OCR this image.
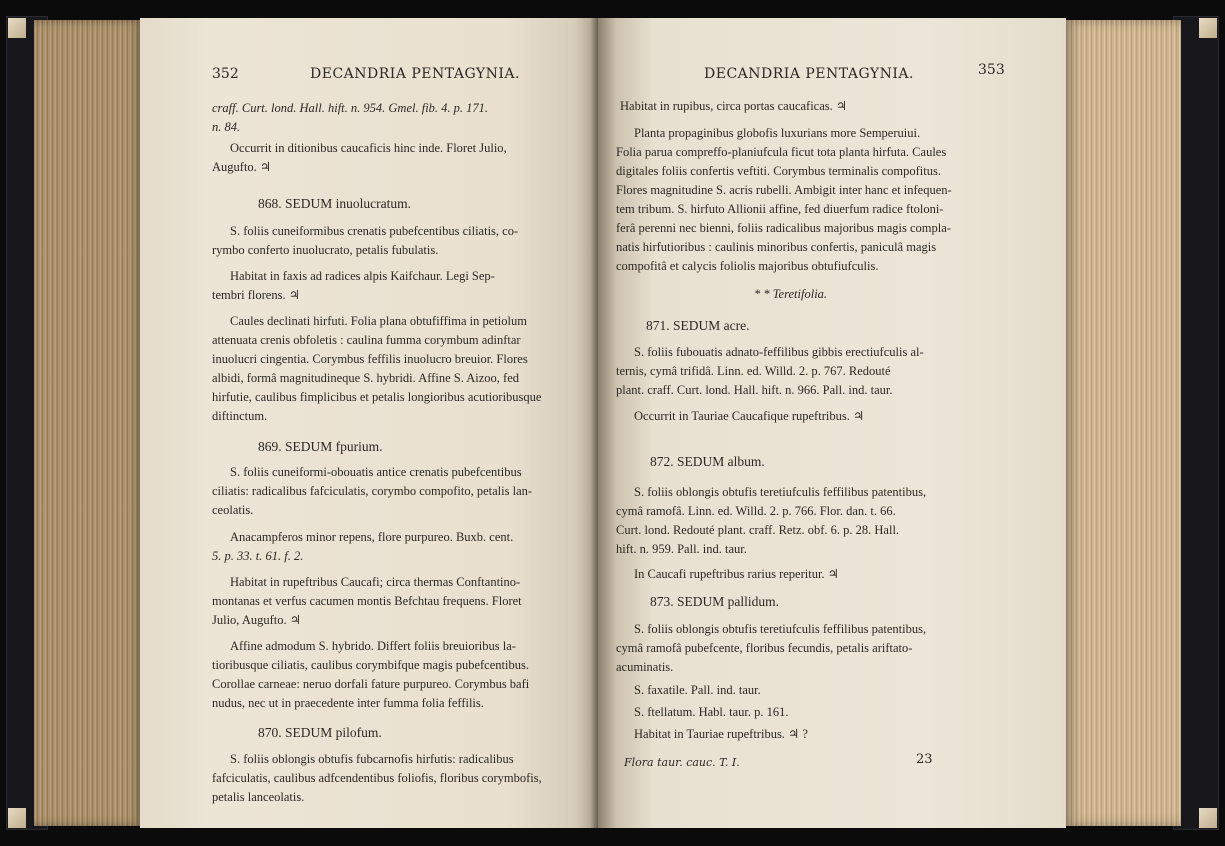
352	DECANDRIA PENTAGYNIA.
craff. Curt. lond. Hall. hift. n. 954. Gmel. fib. 4. p. 171.
n. 84.
Occurrit in ditionibus caucaficis hinc inde. Floret Julio,
Augufto. ♃
868. SEDUM inuolucratum.
S. foliis cuneiformibus crenatis pubefcentibus ciliatis, co-
rymbo conferto inuolucrato, petalis fubulatis.
Habitat in faxis ad radices alpis Kaifchaur. Legi Sep-
tembri florens. ♃
Caules declinati hirfuti. Folia plana obtufiffima in petiolum
attenuata crenis obfoletis : caulina fumma corymbum adinftar
inuolucri cingentia. Corymbus feffilis inuolucro breuior. Flores
albidi, formâ magnitudineque S. hybridi. Affine S. Aizoo, fed
hirfutie, caulibus fimplicibus et petalis longioribus acutioribusque
diftinctum.
869. SEDUM fpurium.
S. foliis cuneiformi-obouatis antice crenatis pubefcentibus
ciliatis: radicalibus fafciculatis, corymbo compofito, petalis lan-
ceolatis.
Anacampferos minor repens, flore purpureo. Buxb. cent.
5. p. 33. t. 61. f. 2.
Habitat in rupeftribus Caucafi; circa thermas Conftantino-
montanas et verfus cacumen montis Befchtau frequens. Floret
Julio, Augufto. ♃
Affine admodum S. hybrido. Differt foliis breuioribus la-
tioribusque ciliatis, caulibus corymbifque magis pubefcentibus.
Corollae carneae: neruo dorfali fature purpureo. Corymbus bafi
nudus, nec ut in praecedente inter fumma folia feffilis.
870. SEDUM pilofum.
S. foliis oblongis obtufis fubcarnofis hirfutis: radicalibus
fafciculatis, caulibus adfcendentibus foliofis, floribus corymbofis,
petalis lanceolatis.
DECANDRIA PENTAGYNIA.	353
Habitat in rupibus, circa portas caucaficas. ♃
Planta propaginibus globofis luxurians more Semperuiui.
Folia parua compreffo-planiufcula ficut tota planta hirfuta. Caules
digitales foliis confertis veftiti. Corymbus terminalis compofitus.
Flores magnitudine S. acris rubelli. Ambigit inter hanc et infequen-
tem tribum. S. hirfuto Allionii affine, fed diuerfum radice ftoloni-
ferâ perenni nec bienni, foliis radicalibus majoribus magis compla-
natis hirfutioribus : caulinis minoribus confertis, paniculâ magis
compofitâ et calycis foliolis majoribus obtufiufculis.
* * Teretifolia.
871. SEDUM acre.
S. foliis fubouatis adnato-feffilibus gibbis erectiufculis al-
ternis, cymâ trifidâ. Linn. ed. Willd. 2. p. 767. Redouté
plant. craff. Curt. lond. Hall. hift. n. 966. Pall. ind. taur.
Occurrit in Tauriae Caucafique rupeftribus. ♃
872. SEDUM album.
S. foliis oblongis obtufis teretiufculis feffilibus patentibus,
cymâ ramofâ. Linn. ed. Willd. 2. p. 766. Flor. dan. t. 66.
Curt. lond. Redouté plant. craff. Retz. obf. 6. p. 28. Hall.
hift. n. 959. Pall. ind. taur.
In Caucafi rupeftribus rarius reperitur. ♃
873. SEDUM pallidum.
S. foliis oblongis obtufis teretiufculis feffilibus patentibus,
cymâ ramofâ pubefcente, floribus fecundis, petalis ariftato-
acuminatis.
S. faxatile. Pall. ind. taur.
S. ftellatum. Habl. taur. p. 161.
Habitat in Tauriae rupeftribus. ♃ ?
Flora taur. cauc. T. I.	23
